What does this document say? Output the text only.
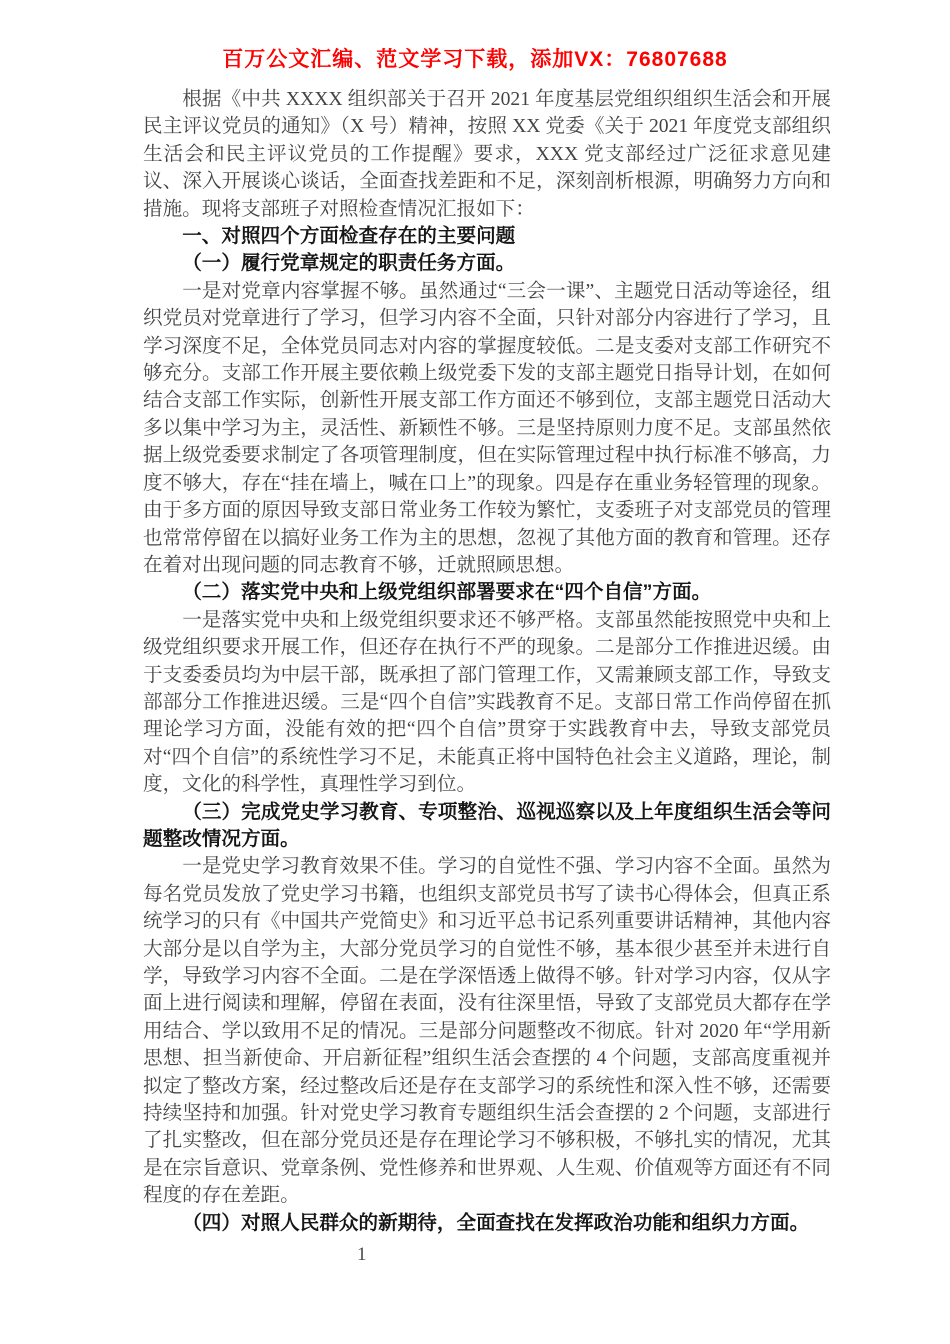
百万公文汇编、范文学习下载，添加VX：76807688

根据《中共 XXXX 组织部关于召开 2021 年度基层党组织组织生活会和开展民主评议党员的通知》（X 号）精神，按照 XX 党委《关于 2021 年度党支部组织生活会和民主评议党员的工作提醒》要求，XXX 党支部经过广泛征求意见建议、深入开展谈心谈话，全面查找差距和不足，深刻剖析根源，明确努力方向和措施。现将支部班子对照检查情况汇报如下：

一、对照四个方面检查存在的主要问题

（一）履行党章规定的职责任务方面。

一是对党章内容掌握不够。虽然通过“三会一课”、主题党日活动等途径，组织党员对党章进行了学习，但学习内容不全面，只针对部分内容进行了学习，且学习深度不足，全体党员同志对内容的掌握度较低。二是支委对支部工作研究不够充分。支部工作开展主要依赖上级党委下发的支部主题党日指导计划，在如何结合支部工作实际，创新性开展支部工作方面还不够到位，支部主题党日活动大多以集中学习为主，灵活性、新颖性不够。三是坚持原则力度不足。支部虽然依据上级党委要求制定了各项管理制度，但在实际管理过程中执行标准不够高，力度不够大，存在“挂在墙上，喊在口上”的现象。四是存在重业务轻管理的现象。由于多方面的原因导致支部日常业务工作较为繁忙，支委班子对支部党员的管理也常常停留在以搞好业务工作为主的思想，忽视了其他方面的教育和管理。还存在着对出现问题的同志教育不够，迁就照顾思想。

（二）落实党中央和上级党组织部署要求在“四个自信”方面。

一是落实党中央和上级党组织要求还不够严格。支部虽然能按照党中央和上级党组织要求开展工作，但还存在执行不严的现象。二是部分工作推进迟缓。由于支委委员均为中层干部，既承担了部门管理工作，又需兼顾支部工作，导致支部部分工作推进迟缓。三是“四个自信”实践教育不足。支部日常工作尚停留在抓理论学习方面，没能有效的把“四个自信”贯穿于实践教育中去，导致支部党员对“四个自信”的系统性学习不足，未能真正将中国特色社会主义道路，理论，制度，文化的科学性，真理性学习到位。

（三）完成党史学习教育、专项整治、巡视巡察以及上年度组织生活会等问题整改情况方面。

一是党史学习教育效果不佳。学习的自觉性不强、学习内容不全面。虽然为每名党员发放了党史学习书籍，也组织支部党员书写了读书心得体会，但真正系统学习的只有《中国共产党简史》和习近平总书记系列重要讲话精神，其他内容大部分是以自学为主，大部分党员学习的自觉性不够，基本很少甚至并未进行自学，导致学习内容不全面。二是在学深悟透上做得不够。针对学习内容，仅从字面上进行阅读和理解，停留在表面，没有往深里悟，导致了支部党员大都存在学用结合、学以致用不足的情况。三是部分问题整改不彻底。针对 2020 年“学用新思想、担当新使命、开启新征程”组织生活会查摆的 4 个问题，支部高度重视并拟定了整改方案，经过整改后还是存在支部学习的系统性和深入性不够，还需要持续坚持和加强。针对党史学习教育专题组织生活会查摆的 2 个问题，支部进行了扎实整改，但在部分党员还是存在理论学习不够积极，不够扎实的情况，尤其是在宗旨意识、党章条例、党性修养和世界观、人生观、价值观等方面还有不同程度的存在差距。

（四）对照人民群众的新期待，全面查找在发挥政治功能和组织力方面。

1
